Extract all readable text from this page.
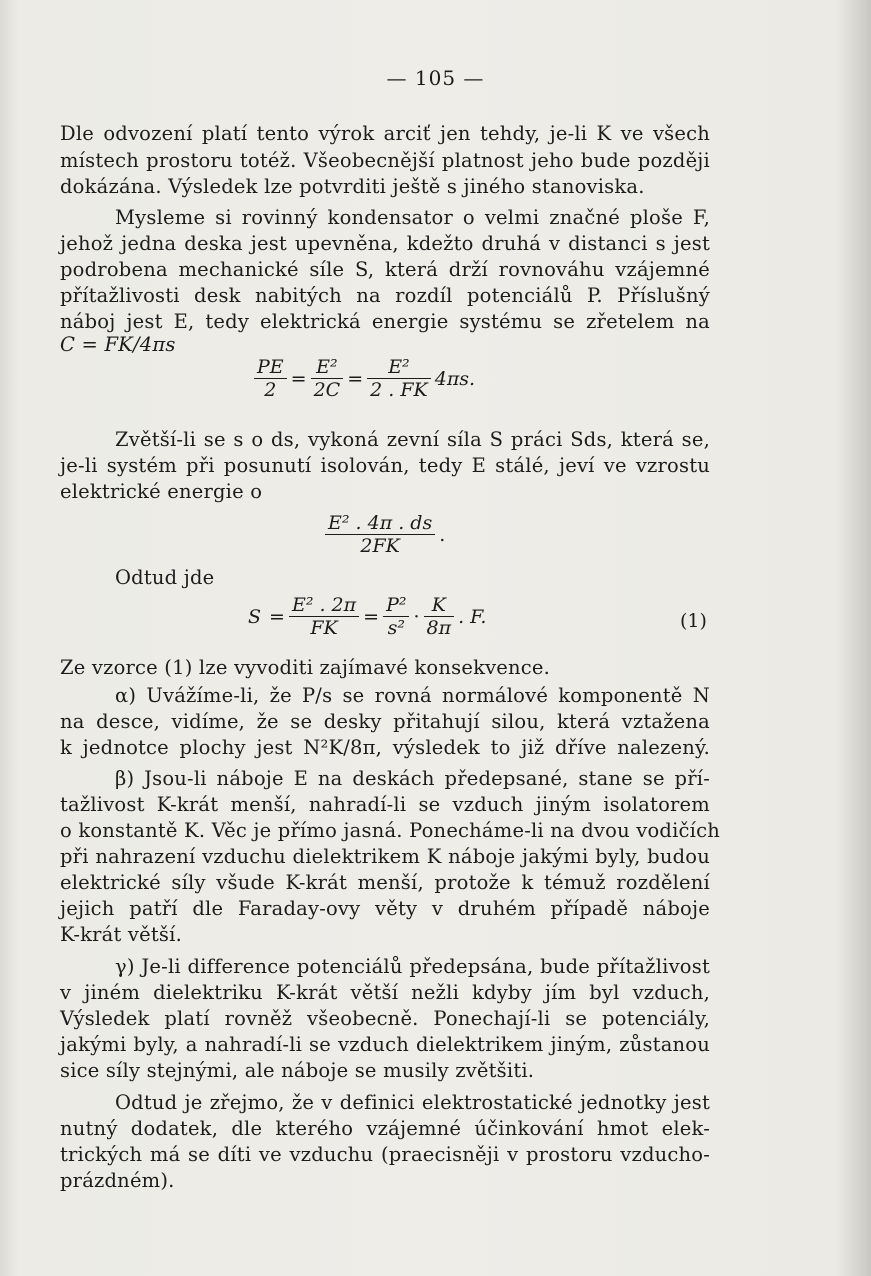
— 105 —
Dle odvození platí tento výrok arciť jen tehdy, je-li K ve všech
místech prostoru totéž. Všeobecnější platnost jeho bude později
dokázána. Výsledek lze potvrditi ještě s jiného stanoviska.
Mysleme si rovinný kondensator o velmi značné ploše F,
jehož jedna deska jest upevněna, kdežto druhá v distanci s jest
podrobena mechanické síle S, která drží rovnováhu vzájemné
přítažlivosti desk nabitých na rozdíl potenciálů P. Příslušný
náboj jest E, tedy elektrická energie systému se zřetelem na
C = FK/4πs
$\frac{PE}{2} = \frac{\text{E²}}{2C} = \frac{\text{E²}}{2 . FK} 4\pi s$.
Zvětší-li se s o ds, vykoná zevní síla S práci Sds, která se,
je-li systém při posunutí isolován, tedy E stálé, jeví ve vzrostu
elektrické energie o
$\frac{\text{E² . 4π . ds}}{2FK}$ .
Odtud jde
$S = \frac{\text{E² . 2π}}{FK} = \frac{\text{P²}}{\text{s²}} \cdot \frac{K}{8\pi}$ . F.	(1)
Ze vzorce (1) lze vyvoditi zajímavé konsekvence.
α) Uvážíme-li, že P/s se rovná normálové komponentě N
na desce, vidíme, že se desky přitahují silou, která vztažena
k jednotce plochy jest N²K/8π, výsledek to již dříve nalezený.
β) Jsou-li náboje E na deskách předepsané, stane se pří-
tažlivost K-krát menší, nahradí-li se vzduch jiným isolatorem
o konstantě K. Věc je přímo jasná. Ponecháme-li na dvou vodičích
při nahrazení vzduchu dielektrikem K náboje jakými byly, budou
elektrické síly všude K-krát menší, protože k témuž rozdělení
jejich patří dle Faraday-ovy věty v druhém případě náboje
K-krát větší.
γ) Je-li difference potenciálů předepsána, bude přítažlivost
v jiném dielektriku K-krát větší nežli kdyby jím byl vzduch,
Výsledek platí rovněž všeobecně. Ponechají-li se potenciály,
jakými byly, a nahradí-li se vzduch dielektrikem jiným, zůstanou
sice síly stejnými, ale náboje se musily zvětšiti.
Odtud je zřejmo, že v definici elektrostatické jednotky jest
nutný dodatek, dle kterého vzájemné účinkování hmot elek-
trických má se díti ve vzduchu (praecisněji v prostoru vzducho-
prázdném).
